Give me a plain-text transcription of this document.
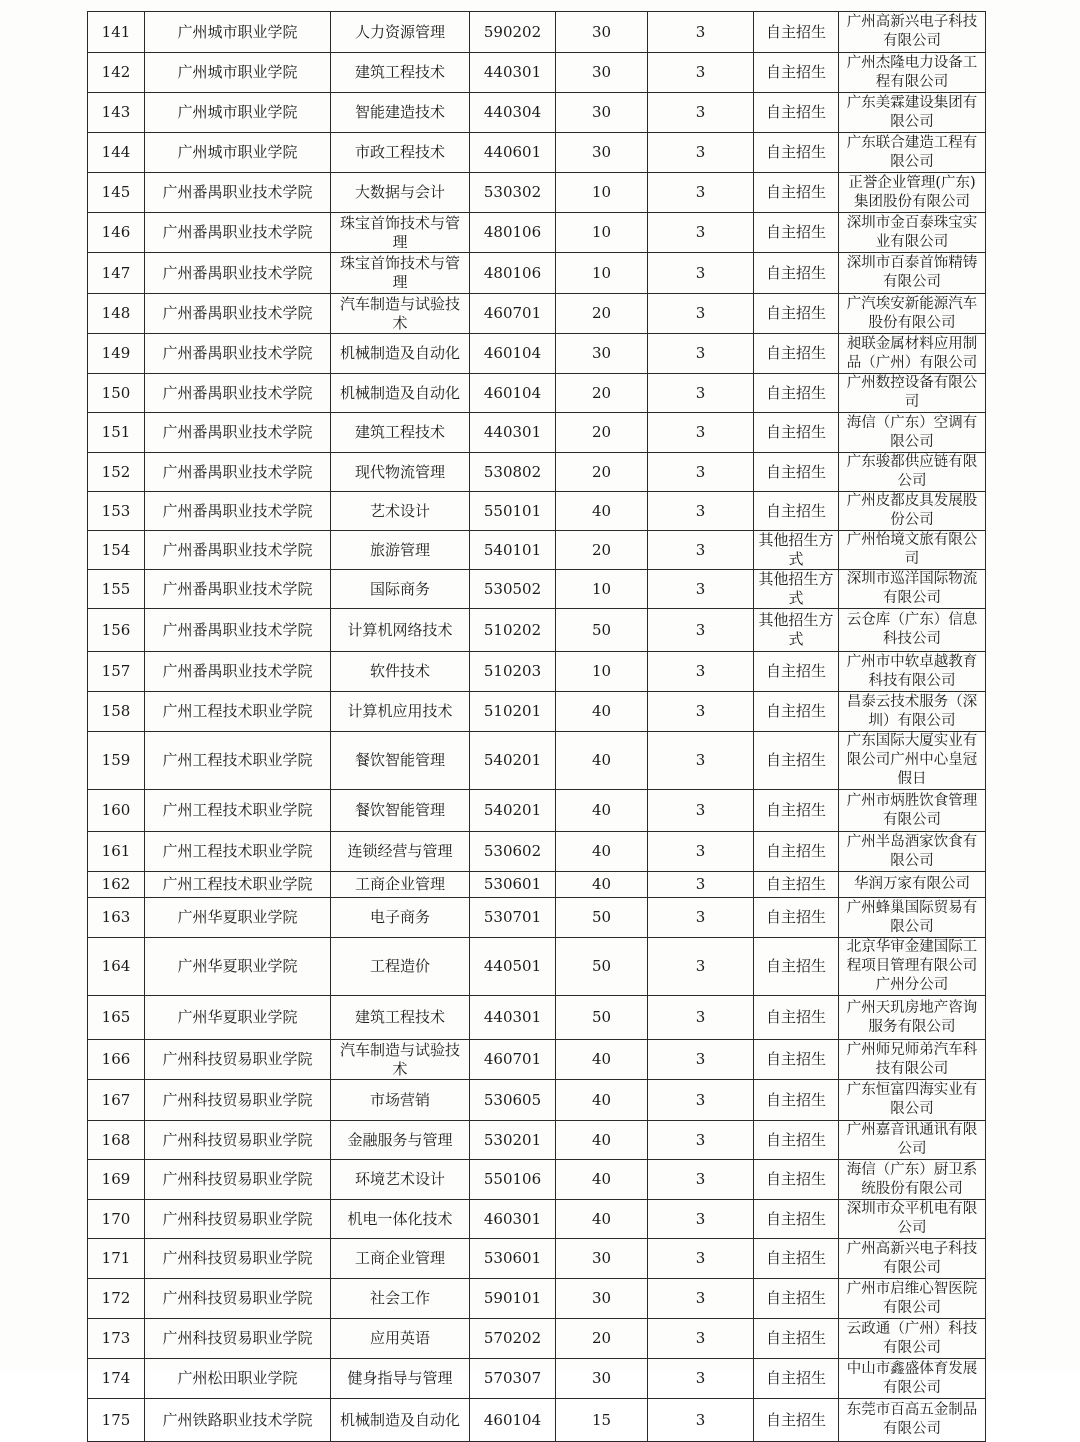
141	广州城市职业学院	人力资源管理	590202	30	3	自主招生	广州高新兴电子科技有限公司
142	广州城市职业学院	建筑工程技术	440301	30	3	自主招生	广州杰隆电力设备工程有限公司
143	广州城市职业学院	智能建造技术	440304	30	3	自主招生	广东美霖建设集团有限公司
144	广州城市职业学院	市政工程技术	440601	30	3	自主招生	广东联合建造工程有限公司
145	广州番禺职业技术学院	大数据与会计	530302	10	3	自主招生	正誉企业管理(广东)集团股份有限公司
146	广州番禺职业技术学院	珠宝首饰技术与管理	480106	10	3	自主招生	深圳市金百泰珠宝实业有限公司
147	广州番禺职业技术学院	珠宝首饰技术与管理	480106	10	3	自主招生	深圳市百泰首饰精铸有限公司
148	广州番禺职业技术学院	汽车制造与试验技术	460701	20	3	自主招生	广汽埃安新能源汽车股份有限公司
149	广州番禺职业技术学院	机械制造及自动化	460104	30	3	自主招生	昶联金属材料应用制品（广州）有限公司
150	广州番禺职业技术学院	机械制造及自动化	460104	20	3	自主招生	广州数控设备有限公司
151	广州番禺职业技术学院	建筑工程技术	440301	20	3	自主招生	海信（广东）空调有限公司
152	广州番禺职业技术学院	现代物流管理	530802	20	3	自主招生	广东骏都供应链有限公司
153	广州番禺职业技术学院	艺术设计	550101	40	3	自主招生	广州皮都皮具发展股份公司
154	广州番禺职业技术学院	旅游管理	540101	20	3	其他招生方式	广州怡境文旅有限公司
155	广州番禺职业技术学院	国际商务	530502	10	3	其他招生方式	深圳市巡洋国际物流有限公司
156	广州番禺职业技术学院	计算机网络技术	510202	50	3	其他招生方式	云仓库（广东）信息科技公司
157	广州番禺职业技术学院	软件技术	510203	10	3	自主招生	广州市中软卓越教育科技有限公司
158	广州工程技术职业学院	计算机应用技术	510201	40	3	自主招生	昌泰云技术服务（深圳）有限公司
159	广州工程技术职业学院	餐饮智能管理	540201	40	3	自主招生	广东国际大厦实业有限公司广州中心皇冠假日
160	广州工程技术职业学院	餐饮智能管理	540201	40	3	自主招生	广州市炳胜饮食管理有限公司
161	广州工程技术职业学院	连锁经营与管理	530602	40	3	自主招生	广州半岛酒家饮食有限公司
162	广州工程技术职业学院	工商企业管理	530601	40	3	自主招生	华润万家有限公司
163	广州华夏职业学院	电子商务	530701	50	3	自主招生	广州蜂巢国际贸易有限公司
164	广州华夏职业学院	工程造价	440501	50	3	自主招生	北京华审金建国际工程项目管理有限公司广州分公司
165	广州华夏职业学院	建筑工程技术	440301	50	3	自主招生	广州天玑房地产咨询服务有限公司
166	广州科技贸易职业学院	汽车制造与试验技术	460701	40	3	自主招生	广州师兄师弟汽车科技有限公司
167	广州科技贸易职业学院	市场营销	530605	40	3	自主招生	广东恒富四海实业有限公司
168	广州科技贸易职业学院	金融服务与管理	530201	40	3	自主招生	广州嘉音讯通讯有限公司
169	广州科技贸易职业学院	环境艺术设计	550106	40	3	自主招生	海信（广东）厨卫系统股份有限公司
170	广州科技贸易职业学院	机电一体化技术	460301	40	3	自主招生	深圳市众平机电有限公司
171	广州科技贸易职业学院	工商企业管理	530601	30	3	自主招生	广州高新兴电子科技有限公司
172	广州科技贸易职业学院	社会工作	590101	30	3	自主招生	广州市启维心智医院有限公司
173	广州科技贸易职业学院	应用英语	570202	20	3	自主招生	云政通（广州）科技有限公司
174	广州松田职业学院	健身指导与管理	570307	30	3	自主招生	中山市鑫盛体育发展有限公司
175	广州铁路职业技术学院	机械制造及自动化	460104	15	3	自主招生	东莞市百高五金制品有限公司
